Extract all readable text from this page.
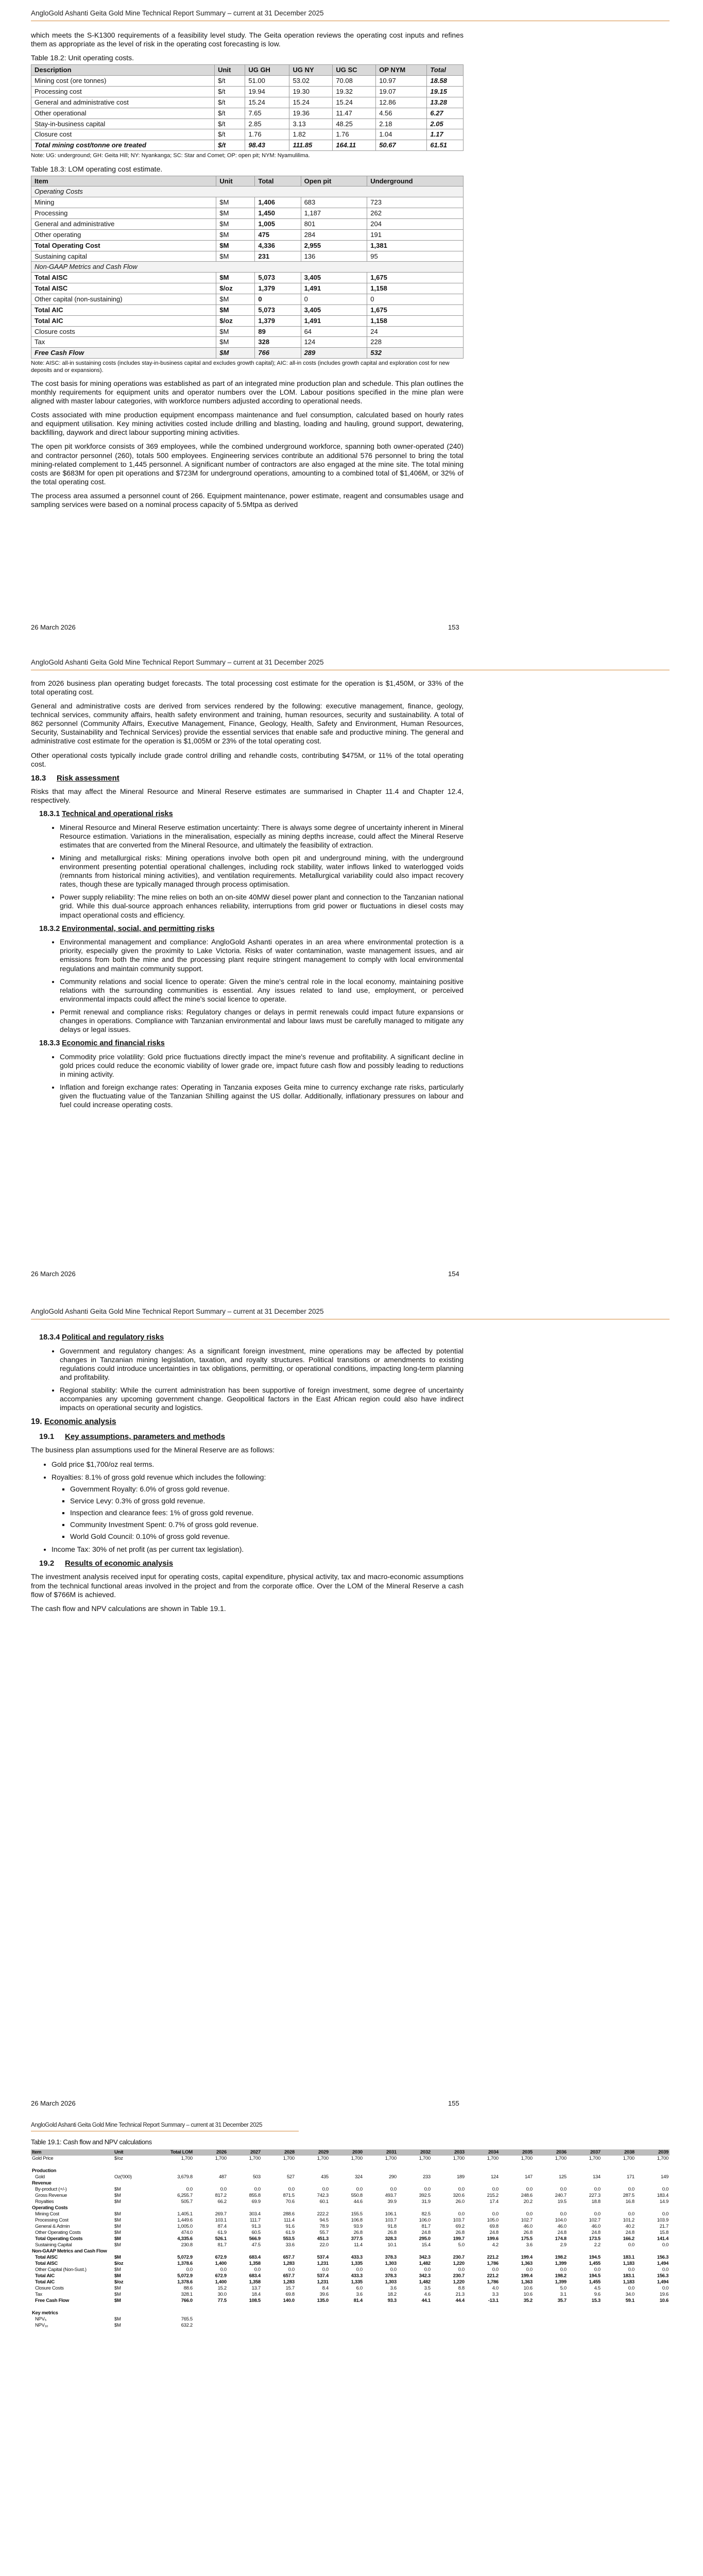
AngloGold Ashanti Geita Gold Mine Technical Report Summary – current at 31 December 2025

which meets the S-K1300 requirements of a feasibility level study. The Geita operation reviews the operating cost inputs and refines them as appropriate as the level of risk in the operating cost forecasting is low.

Table 18.2: Unit operating costs.
Description	Unit	UG GH	UG NY	UG SC	OP NYM	Total
Mining cost (ore tonnes)	$/t	51.00	53.02	70.08	10.97	18.58
Processing cost	$/t	19.94	19.30	19.32	19.07	19.15
General and administrative cost	$/t	15.24	15.24	15.24	12.86	13.28
Other operational	$/t	7.65	19.36	11.47	4.56	6.27
Stay-in-business capital	$/t	2.85	3.13	48.25	2.18	2.05
Closure cost	$/t	1.76	1.82	1.76	1.04	1.17
Total mining cost/tonne ore treated	$/t	98.43	111.85	164.11	50.67	61.51
Note: UG: underground; GH: Geita Hill; NY: Nyankanga; SC: Star and Comet; OP: open pit; NYM: Nyamulilima.
Table 18.3: LOM operating cost estimate.
Item	Unit	Total	Open pit	Underground
Operating Costs				
Mining	$M	1,406	683	723
Processing	$M	1,450	1,187	262
General and administrative	$M	1,005	801	204
Other operating	$M	475	284	191
Total Operating Cost	$M	4,336	2,955	1,381
Sustaining capital	$M	231	136	95
Non-GAAP Metrics and Cash Flow				
Total AISC	$M	5,073	3,405	1,675
Total AISC	$/oz	1,379	1,491	1,158
Other capital (non-sustaining)	$M	0	0	0
Total AIC	$M	5,073	3,405	1,675
Total AIC	$/oz	1,379	1,491	1,158
Closure costs	$M	89	64	24
Tax	$M	328	124	228
Free Cash Flow	$M	766	289	532
Note: AISC: all-in sustaining costs (includes stay-in-business capital and excludes growth capital); AIC: all-in costs (includes growth capital and exploration cost for new deposits and or expansions).

The cost basis for mining operations was established as part of an integrated mine production plan and schedule. This plan outlines the monthly requirements for equipment units and operator numbers over the LOM. Labour positions specified in the mine plan were aligned with master labour categories, with workforce numbers adjusted according to operational needs.

Costs associated with mine production equipment encompass maintenance and fuel consumption, calculated based on hourly rates and equipment utilisation. Key mining activities costed include drilling and blasting, loading and hauling, ground support, dewatering, backfilling, daywork and direct labour supporting mining activities.

The open pit workforce consists of 369 employees, while the combined underground workforce, spanning both owner-operated (240) and contractor personnel (260), totals 500 employees. Engineering services contribute an additional 576 personnel to bring the total mining-related complement to 1,445 personnel. A significant number of contractors are also engaged at the mine site. The total mining costs are $683M for open pit operations and $723M for underground operations, amounting to a combined total of $1,406M, or 32% of the total operating cost.

The process area assumed a personnel count of 266. Equipment maintenance, power estimate, reagent and consumables usage and sampling services were based on a nominal process capacity of 5.5Mtpa as derived

26 March 2026	153
AngloGold Ashanti Geita Gold Mine Technical Report Summary – current at 31 December 2025

from 2026 business plan operating budget forecasts. The total processing cost estimate for the operation is $1,450M, or 33% of the total operating cost.

General and administrative costs are derived from services rendered by the following: executive management, finance, geology, technical services, community affairs, health safety environment and training, human resources, security and sustainability. A total of 862 personnel (Community Affairs, Executive Management, Finance, Geology, Health, Safety and Environment, Human Resources, Security, Sustainability and Technical Services) provide the essential services that enable safe and productive mining. The general and administrative cost estimate for the operation is $1,005M or 23% of the total operating cost.

Other operational costs typically include grade control drilling and rehandle costs, contributing $475M, or 11% of the total operating cost.

18.3 Risk assessment

Risks that may affect the Mineral Resource and Mineral Reserve estimates are summarised in Chapter 11.4 and Chapter 12.4, respectively.

18.3.1 Technical and operational risks
• Mineral Resource and Mineral Reserve estimation uncertainty: There is always some degree of uncertainty inherent in Mineral Resource estimation. Variations in the mineralisation, especially as mining depths increase, could affect the Mineral Reserve estimates that are converted from the Mineral Resource, and ultimately the feasibility of extraction.
• Mining and metallurgical risks: Mining operations involve both open pit and underground mining, with the underground environment presenting potential operational challenges, including rock stability, water inflows linked to waterlogged voids (remnants from historical mining activities), and ventilation requirements. Metallurgical variability could also impact recovery rates, though these are typically managed through process optimisation.
• Power supply reliability: The mine relies on both an on-site 40MW diesel power plant and connection to the Tanzanian national grid. While this dual-source approach enhances reliability, interruptions from grid power or fluctuations in diesel costs may impact operational costs and efficiency.
18.3.2 Environmental, social, and permitting risks
• Environmental management and compliance: AngloGold Ashanti operates in an area where environmental protection is a priority, especially given the proximity to Lake Victoria. Risks of water contamination, waste management issues, and air emissions from both the mine and the processing plant require stringent management to comply with local environmental regulations and maintain community support.
• Community relations and social licence to operate: Given the mine's central role in the local economy, maintaining positive relations with the surrounding communities is essential. Any issues related to land use, employment, or perceived environmental impacts could affect the mine's social licence to operate.
• Permit renewal and compliance risks: Regulatory changes or delays in permit renewals could impact future expansions or changes in operations. Compliance with Tanzanian environmental and labour laws must be carefully managed to mitigate any delays or legal issues.
18.3.3 Economic and financial risks
• Commodity price volatility: Gold price fluctuations directly impact the mine's revenue and profitability. A significant decline in gold prices could reduce the economic viability of lower grade ore, impact future cash flow and possibly leading to reductions in mining activity.
• Inflation and foreign exchange rates: Operating in Tanzania exposes Geita mine to currency exchange rate risks, particularly given the fluctuating value of the Tanzanian Shilling against the US dollar. Additionally, inflationary pressures on labour and fuel could increase operating costs.
26 March 2026	154
AngloGold Ashanti Geita Gold Mine Technical Report Summary – current at 31 December 2025
18.3.4 Political and regulatory risks
• Government and regulatory changes: As a significant foreign investment, mine operations may be affected by potential changes in Tanzanian mining legislation, taxation, and royalty structures. Political transitions or amendments to existing regulations could introduce uncertainties in tax obligations, permitting, or operational conditions, impacting long-term planning and profitability.
• Regional stability: While the current administration has been supportive of foreign investment, some degree of uncertainty accompanies any upcoming government change. Geopolitical factors in the East African region could also have indirect impacts on operational security and logistics.
19. Economic analysis
19.1 Key assumptions, parameters and methods

The business plan assumptions used for the Mineral Reserve are as follows:

• Gold price $1,700/oz real terms.
• Royalties: 8.1% of gross gold revenue which includes the following:
▪ Government Royalty: 6.0% of gross gold revenue.
▪ Service Levy: 0.3% of gross gold revenue.
▪ Inspection and clearance fees: 1% of gross gold revenue.
▪ Community Investment Spent: 0.7% of gross gold revenue.
▪ World Gold Council: 0.10% of gross gold revenue.
• Income Tax: 30% of net profit (as per current tax legislation).
19.2 Results of economic analysis

The investment analysis received input for operating costs, capital expenditure, physical activity, tax and macro-economic assumptions from the technical functional areas involved in the project and from the corporate office. Over the LOM of the Mineral Reserve a cash flow of $766M is achieved.

The cash flow and NPV calculations are shown in Table 19.1.

26 March 2026	155
AngloGold Ashanti Geita Gold Mine Technical Report Summary – current at 31 December 2025
Table 19.1: Cash flow and NPV calculations
Item	Unit	Total LOM	2026	2027	2028	2029	2030	2031	2032	2033	2034	2035	2036	2037	2038	2039
Gold Price	$/oz	1,700	1,700	1,700	1,700	1,700	1,700	1,700	1,700	1,700	1,700	1,700	1,700	1,700	1,700	1,700

Production																
Gold	Oz('000)	3,679.8	487	503	527	435	324	290	233	189	124	147	125	134	171	149
Revenue																
By-product (+/-)	$M	0.0	0.0	0.0	0.0	0.0	0.0	0.0	0.0	0.0	0.0	0.0	0.0	0.0	0.0	0.0
Gross Revenue	$M	6,255.7	817.2	855.8	871.5	742.3	550.8	493.7	392.5	320.6	215.2	248.6	240.7	227.3	287.5	183.4
Royalties	$M	505.7	66.2	69.9	70.6	60.1	44.6	39.9	31.9	26.0	17.4	20.2	19.5	18.8	16.8	14.9
Operating Costs																
Mining Cost	$M	1,405.1	269.7	303.4	288.6	222.2	155.5	106.1	82.5	0.0	0.0	0.0	0.0	0.0	0.0	0.0
Processing Cost	$M	1,449.6	103.1	111.7	111.4	94.5	106.8	103.7	106.0	103.7	105.0	102.7	104.0	102.7	101.2	103.9
General & Admin	$M	1,005.0	87.4	91.3	91.6	78.9	93.9	91.8	81.7	69.2	69.8	46.0	46.0	46.0	40.2	21.7
Other Operating Costs	$M	474.0	61.9	60.5	61.9	55.7	26.8	26.8	24.8	26.8	24.8	26.8	24.8	24.8	24.8	15.8
Total Operating Costs	$M	4,335.6	526.1	566.9	553.5	451.3	377.5	328.3	295.0	199.7	199.6	175.5	174.8	173.5	166.2	141.4
Sustaining Capital	$M	230.8	81.7	47.5	33.6	22.0	11.4	10.1	15.4	5.0	4.2	3.6	2.9	2.2	0.0	0.0
Non-GAAP Metrics and Cash Flow																
Total AISC	$M	5,072.9	672.9	683.4	657.7	537.4	433.3	378.3	342.3	230.7	221.2	199.4	198.2	194.5	183.1	156.3
Total AISC	$/oz	1,378.6	1,400	1,358	1,283	1,231	1,335	1,303	1,482	1,220	1,786	1,363	1,399	1,455	1,183	1,494
Other Capital (Non-Sust.)	$M	0.0	0.0	0.0	0.0	0.0	0.0	0.0	0.0	0.0	0.0	0.0	0.0	0.0	0.0	0.0
Total AIC	$M	5,072.9	672.9	683.4	657.7	537.4	433.3	378.3	342.3	230.7	221.2	199.4	198.2	194.5	183.1	156.3
Total AIC	$/oz	1,378.6	1,400	1,358	1,283	1,231	1,335	1,303	1,482	1,220	1,786	1,363	1,399	1,455	1,183	1,494
Closure Costs	$M	88.6	15.2	13.7	15.7	8.4	6.0	3.6	3.5	8.8	4.0	10.6	5.0	4.5	0.0	0.0
Tax	$M	328.1	30.0	18.4	69.8	39.6	3.6	18.2	4.6	21.3	3.3	10.6	3.1	9.6	34.0	19.6
Free Cash Flow	$M	766.0	77.5	108.5	140.0	135.0	81.4	93.3	44.1	44.4	-13.1	35.2	35.7	15.3	59.1	10.6

Key metrics																
NPV₅	$M	765.5														
NPV₁₀	$M	632.2														
